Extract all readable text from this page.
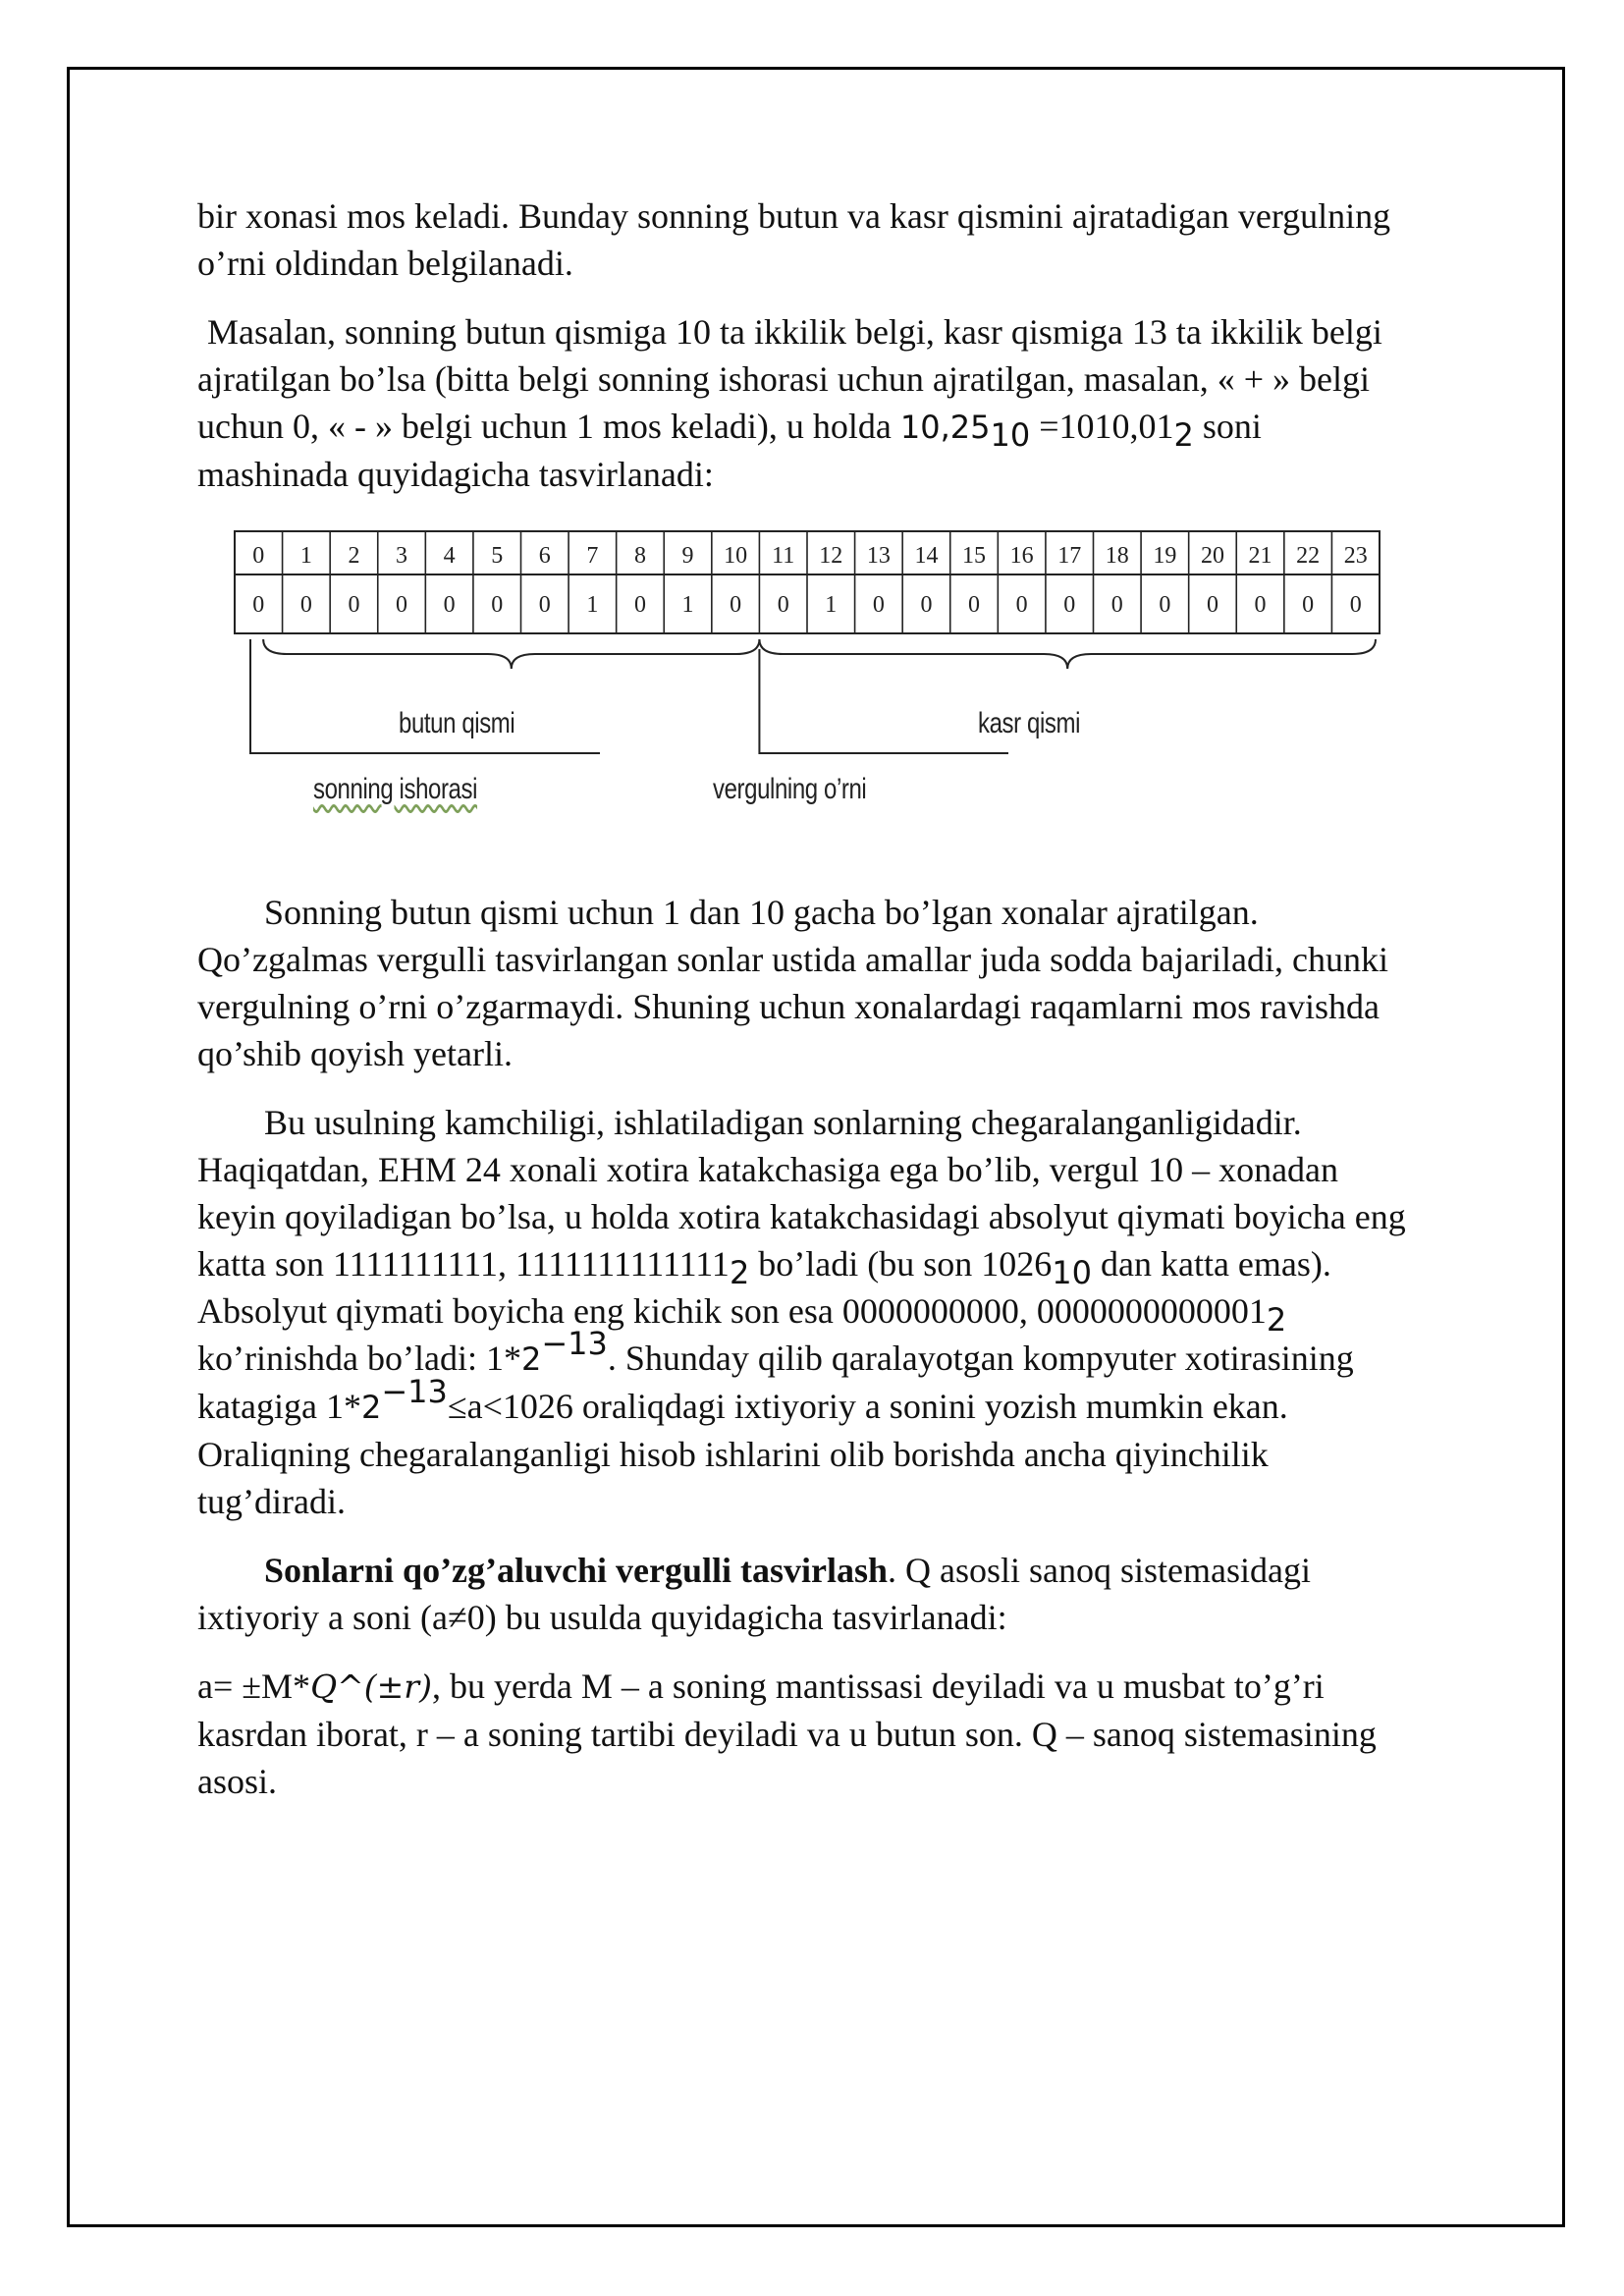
bir xonasi mos keladi. Bunday sonning butun va kasr qismini ajratadigan vergulning o’rni oldindan belgilanadi.

Masalan, sonning butun qismiga 10 ta ikkilik belgi, kasr qismiga 13 ta ikkilik belgi ajratilgan bo’lsa (bitta belgi sonning ishorasi uchun ajratilgan, masalan, « + » belgi uchun 0, « - » belgi uchun 1 mos keladi), u holda 10,2510 =1010,012 soni mashinada quyidagicha tasvirlanadi:

0
0
1
0
2
0
3
0
4
0
5
0
6
0
7
1
8
0
9
1
10
0
11
0
12
1
13
0
14
0
15
0
16
0
17
0
18
0
19
0
20
0
21
0
22
0
23
0
butun qismi	kasr qismi
sonning ishorasi	vergulning o’rni

Sonning butun qismi uchun 1 dan 10 gacha bo’lgan xonalar ajratilgan. Qo’zgalmas vergulli tasvirlangan sonlar ustida amallar juda sodda bajariladi, chunki vergulning o’rni o’zgarmaydi. Shuning uchun xonalardagi raqamlarni mos ravishda qo’shib qoyish yetarli.

Bu usulning kamchiligi, ishlatiladigan sonlarning chegaralanganligidadir. Haqiqatdan, EHM 24 xonali xotira katakchasiga ega bo’lib, vergul 10 – xonadan keyin qoyiladigan bo’lsa, u holda xotira katakchasidagi absolyut qiymati boyicha eng katta son 1111111111, 11111111111112 bo’ladi (bu son 102610 dan katta emas). Absolyut qiymati boyicha eng kichik son esa 0000000000, 00000000000012 ko’rinishda bo’ladi: 1*2−13. Shunday qilib qaralayotgan kompyuter xotirasining katagiga 1*2−13≤a<1026 oraliqdagi ixtiyoriy a sonini yozish mumkin ekan. Oraliqning chegaralanganligi hisob ishlarini olib borishda ancha qiyinchilik tug’diradi.

Sonlarni qo’zg’aluvchi vergulli tasvirlash. Q asosli sanoq sistemasidagi ixtiyoriy a soni (a≠0) bu usulda quyidagicha tasvirlanadi:

a= ±M*Q^(±r), bu yerda M – a soning mantissasi deyiladi va u musbat to’g’ri kasrdan iborat, r – a soning tartibi deyiladi va u butun son. Q – sanoq sistemasining asosi.
